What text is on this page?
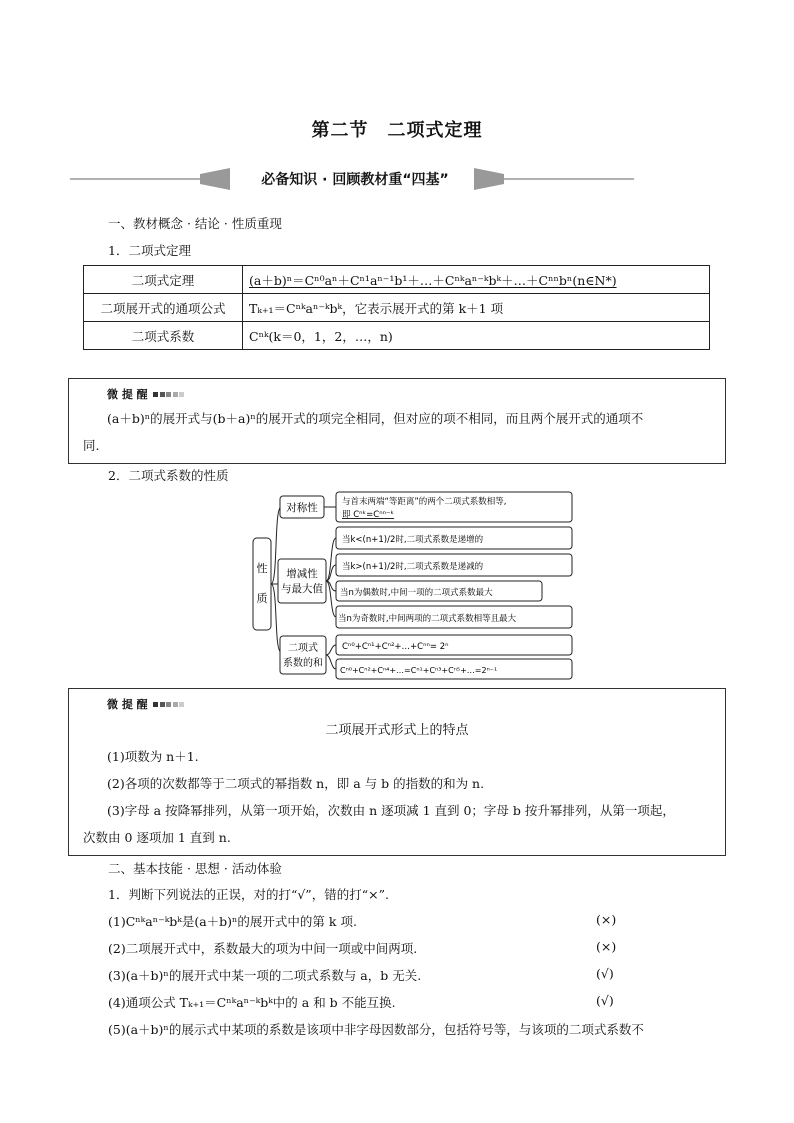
第二节　二项式定理
必备知识 · 回顾教材重“四基”
一、教材概念 · 结论 · 性质重现
1．二项式定理
二项式定理	(a＋b)ⁿ＝Cⁿ⁰aⁿ＋Cⁿ¹aⁿ⁻¹b¹＋…＋Cⁿᵏaⁿ⁻ᵏbᵏ＋…＋Cⁿⁿbⁿ(n∈N*)
二项展开式的通项公式	Tₖ₊₁＝Cⁿᵏaⁿ⁻ᵏbᵏ，它表示展开式的第 k＋1 项
二项式系数	Cⁿᵏ(k＝0，1，2，…，n)
微 提 醒
(a＋b)ⁿ的展开式与(b＋a)ⁿ的展开式的项完全相同，但对应的项不相同，而且两个展开式的通项不
同.
2．二项式系数的性质
性
质
对称性
增减性
与最大值
二项式
系数的和
与首末两端“等距离”的两个二项式系数相等,
即 Cⁿᵏ=Cⁿⁿ⁻ᵏ
当k<(n+1)/2时,二项式系数是递增的
当k>(n+1)/2时,二项式系数是递减的
当n为偶数时,中间一项的二项式系数最大
当n为奇数时,中间两项的二项式系数相等且最大
Cⁿ⁰+Cⁿ¹+Cⁿ²+…+Cⁿⁿ= 2ⁿ
Cⁿ⁰+Cⁿ²+Cⁿ⁴+…=Cⁿ¹+Cⁿ³+Cⁿ⁵+…=2ⁿ⁻¹
微 提 醒
二项展开式形式上的特点
(1)项数为 n＋1.
(2)各项的次数都等于二项式的幂指数 n，即 a 与 b 的指数的和为 n.
(3)字母 a 按降幂排列，从第一项开始，次数由 n 逐项减 1 直到 0；字母 b 按升幂排列，从第一项起，
次数由 0 逐项加 1 直到 n.
二、基本技能 · 思想 · 活动体验
1．判断下列说法的正误，对的打“√”，错的打“×”.
(1)Cⁿᵏaⁿ⁻ᵏbᵏ是(a＋b)ⁿ的展开式中的第 k 项.	(×)
(2)二项展开式中，系数最大的项为中间一项或中间两项.	(×)
(3)(a＋b)ⁿ的展开式中某一项的二项式系数与 a，b 无关.	(√)
(4)通项公式 Tₖ₊₁＝Cⁿᵏaⁿ⁻ᵏbᵏ中的 a 和 b 不能互换.	(√)
(5)(a＋b)ⁿ的展示式中某项的系数是该项中非字母因数部分，包括符号等，与该项的二项式系数不
